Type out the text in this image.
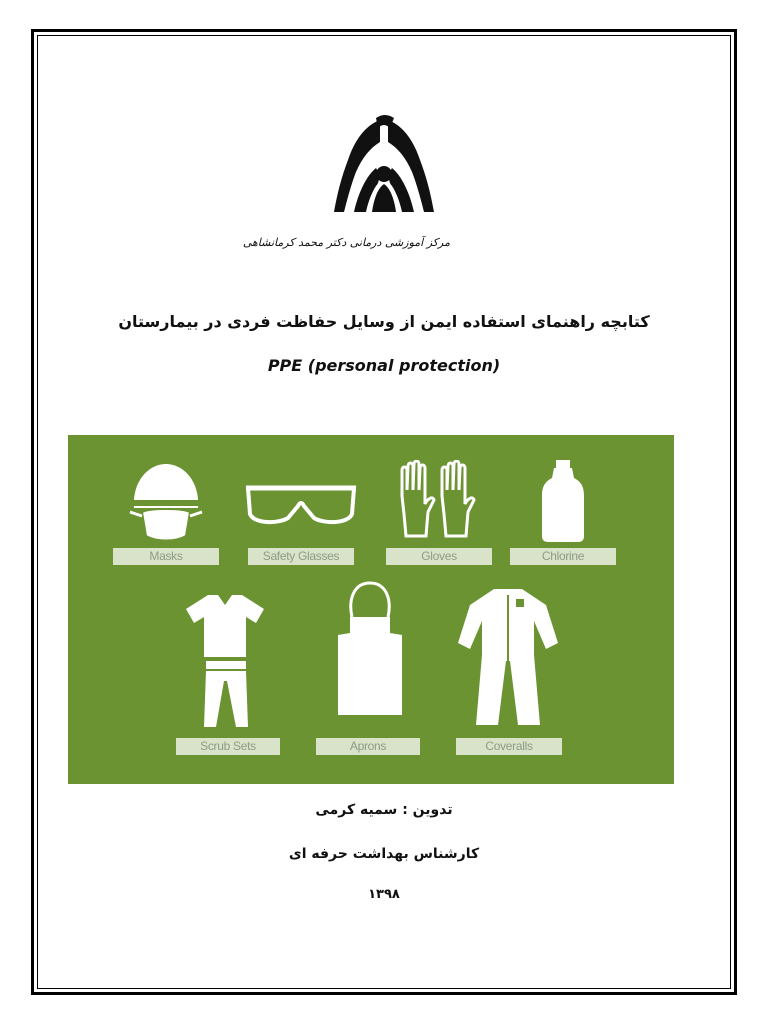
مرکز آموزشی درمانی دکتر محمد کرمانشاهی
کتابچه راهنمای استفاده ایمن از وسایل حفاظت فردی در بیمارستان
PPE (personal protection)
Masks	Safety Glasses	Gloves	Chlorine
Scrub Sets	Aprons	Coveralls
تدوین : سمیه کرمی
کارشناس بهداشت حرفه ای
۱۳۹۸
